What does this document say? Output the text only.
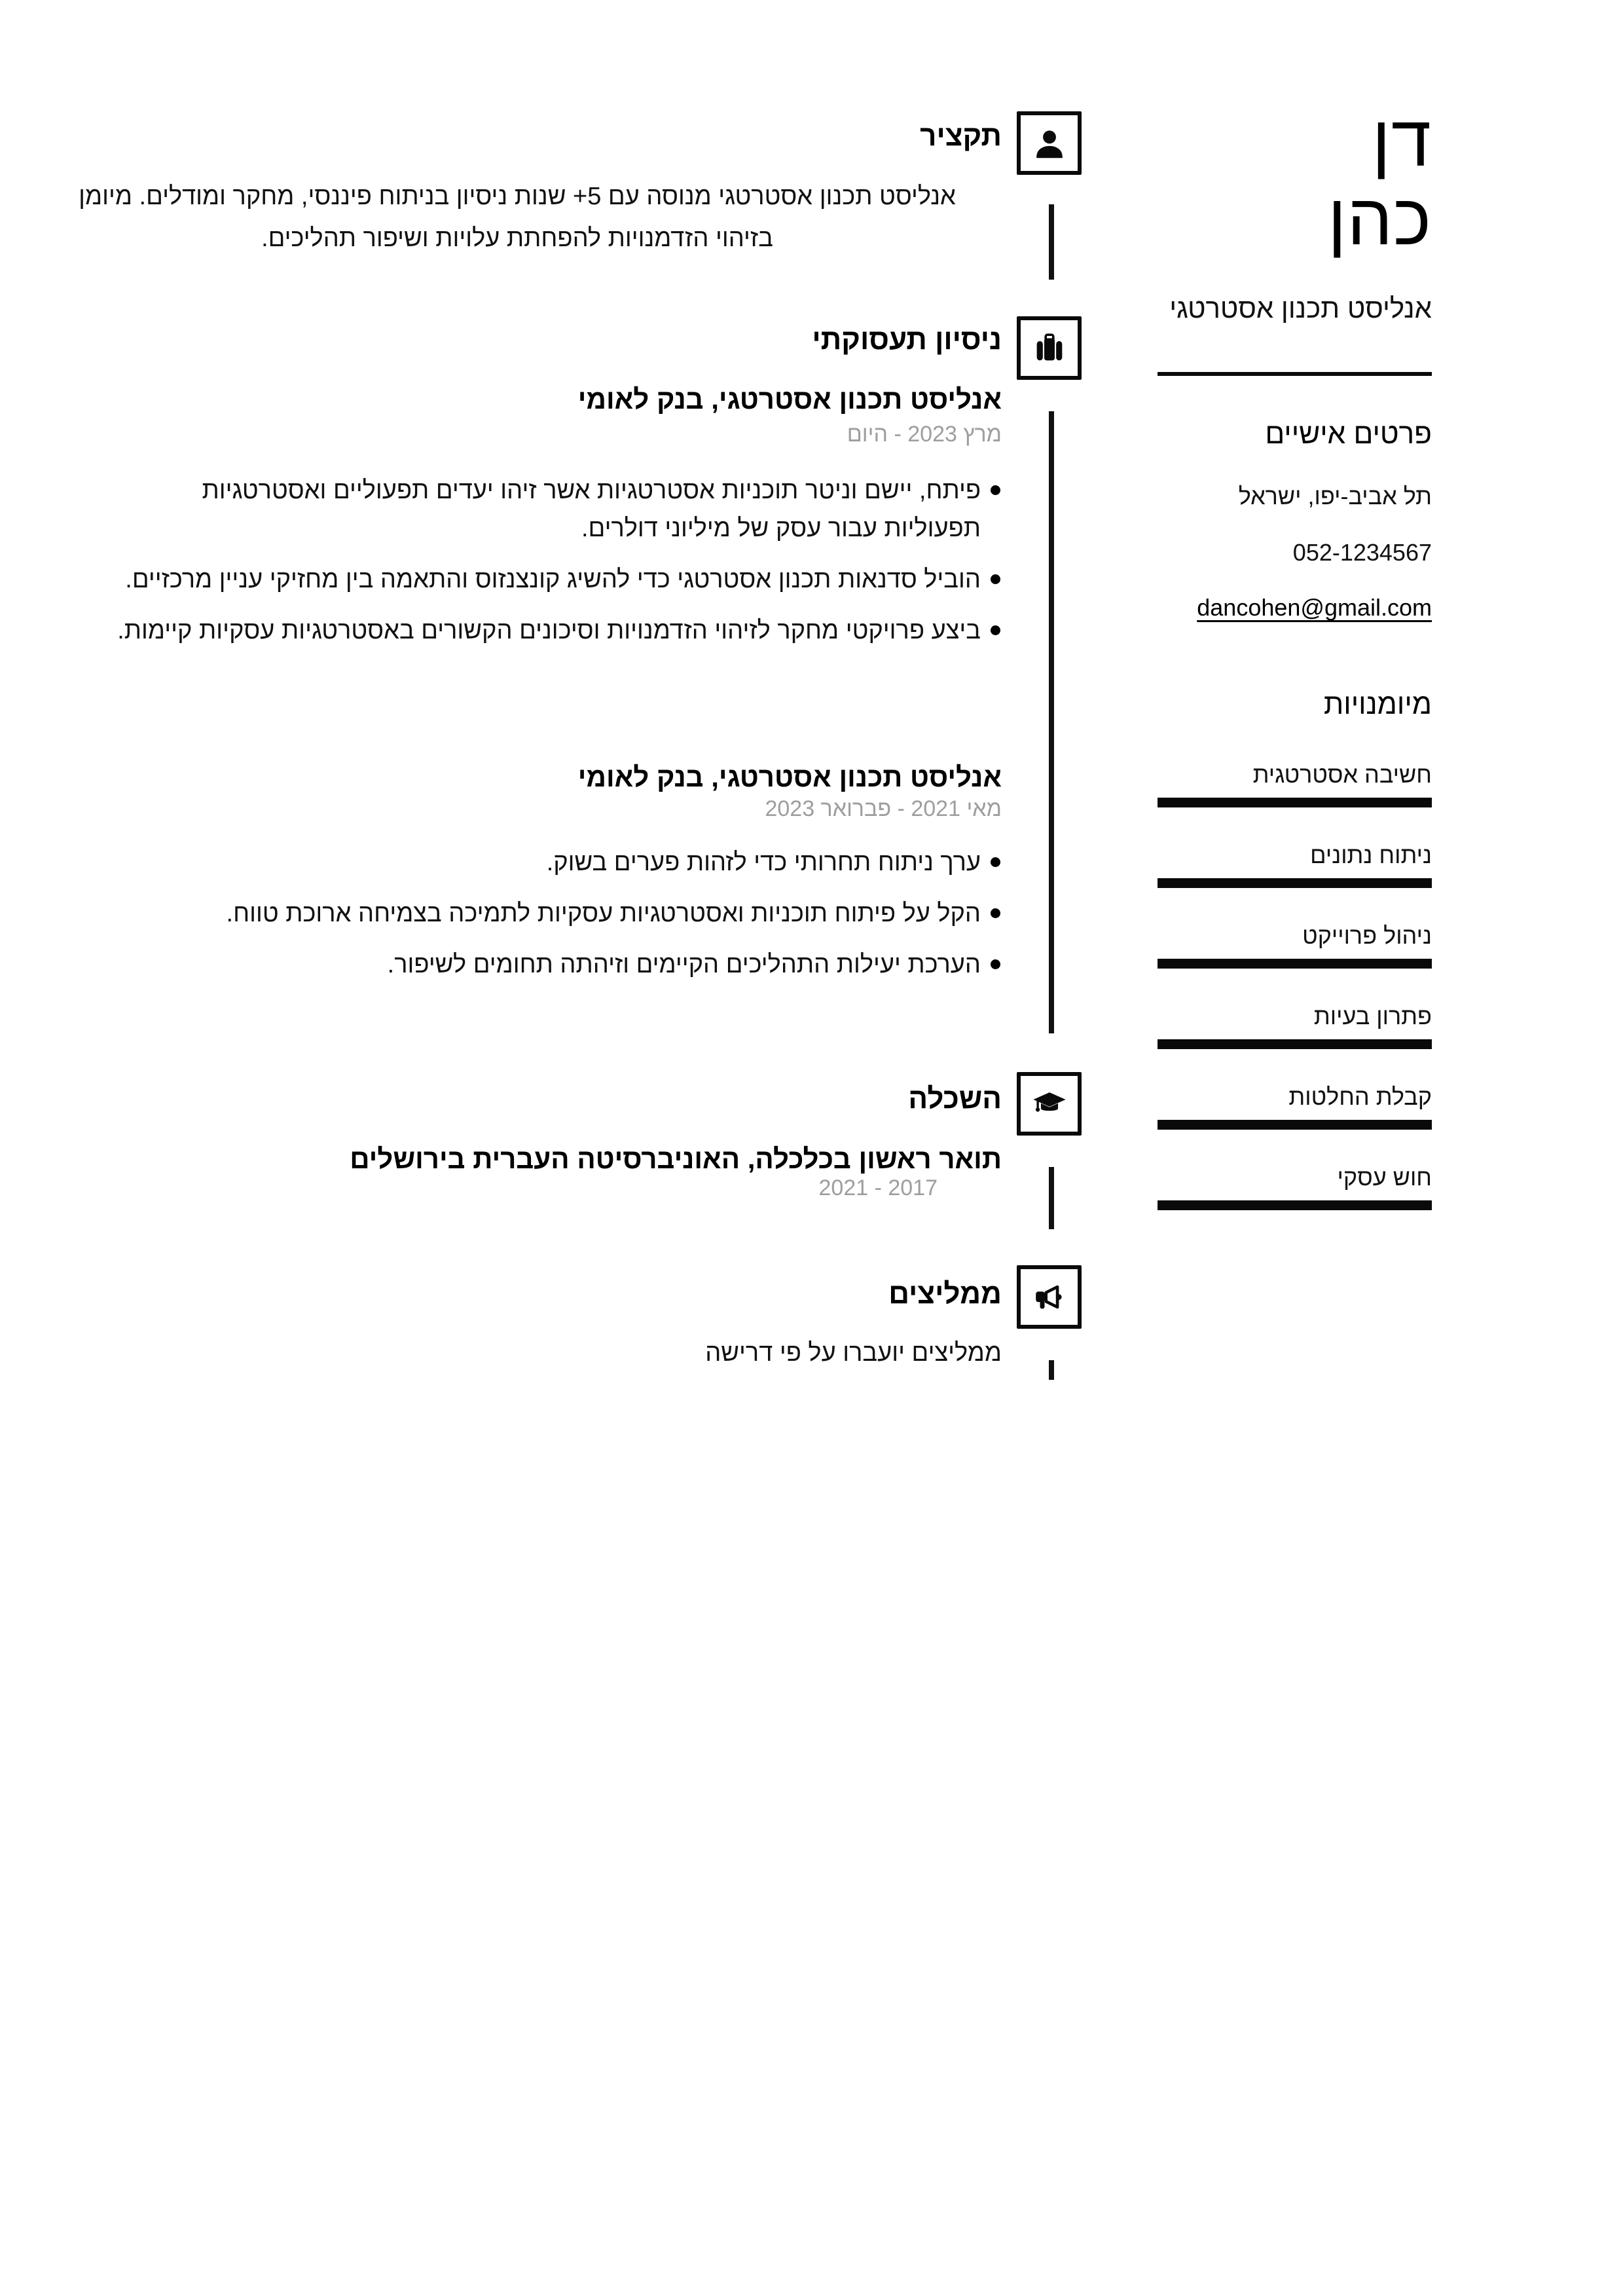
דן
כהן
אנליסט תכנון אסטרטגי
פרטים אישיים
תל אביב-יפו, ישראל
052-1234567
dancohen@gmail.com
מיומנויות
חשיבה אסטרטגית
ניתוח נתונים
ניהול פרוייקט
פתרון בעיות
קבלת החלטות
חוש עסקי
תקציר

אנליסט תכנון אסטרטגי מנוסה עם 5+ שנות ניסיון בניתוח פיננסי, מחקר ומודלים. מיומן בזיהוי הזדמנויות להפחתת עלויות ושיפור תהליכים.

ניסיון תעסוקתי
אנליסט תכנון אסטרטגי, בנק לאומי
מרץ 2023 - היום
פיתח, יישם וניטר תוכניות אסטרטגיות אשר זיהו יעדים תפעוליים ואסטרטגיות תפעוליות עבור עסק של מיליוני דולרים.
הוביל סדנאות תכנון אסטרטגי כדי להשיג קונצנזוס והתאמה בין מחזיקי עניין מרכזיים.
ביצע פרויקטי מחקר לזיהוי הזדמנויות וסיכונים הקשורים באסטרטגיות עסקיות קיימות.
אנליסט תכנון אסטרטגי, בנק לאומי
מאי 2021 - פברואר 2023
ערך ניתוח תחרותי כדי לזהות פערים בשוק.
הקל על פיתוח תוכניות ואסטרטגיות עסקיות לתמיכה בצמיחה ארוכת טווח.
הערכת יעילות התהליכים הקיימים וזיהתה תחומים לשיפור.
השכלה
תואר ראשון בכלכלה, האוניברסיטה העברית בירושלים
2017 - 2021
ממליצים

ממליצים יועברו על פי דרישה
